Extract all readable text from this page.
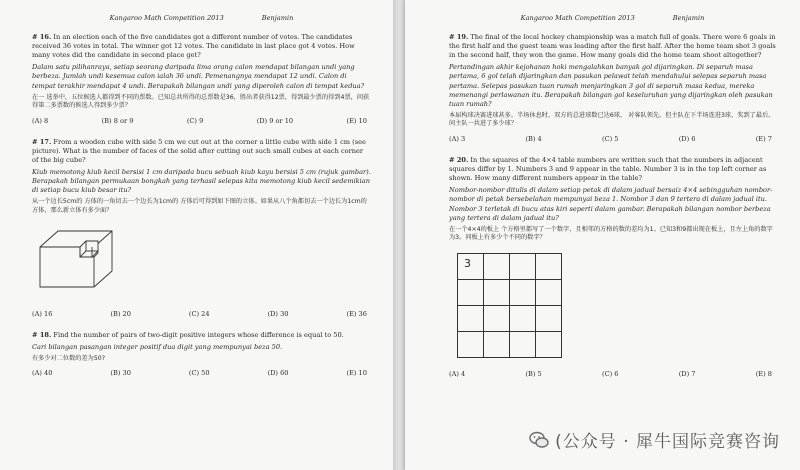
Kangaroo Math Competition 2013	Benjamin

# 16. In an election each of the five candidates got a different number of votes. The candidates received 36 votes in total. The winner got 12 votes. The candidate in last place got 4 votes. How many votes did the candidate in second place get?

Dalam satu pilihanraya, setiap seorang daripada lima orang calon mendapat bilangan undi yang berbeza. Jumlah undi kesemua calon ialah 36 undi. Pemenangnya mendapat 12 undi. Calon di tempat terakhir mendapat 4 undi. Berapakah bilangan undi yang diperoleh calon di tempat kedua?

在一 选举中，五位候选人都得到不同的票数。已知总共所得的总票数是36，胜出者获得12票，得到最少票的得到4票，问获得第二多票数的候选人得到多少票？

(A) 8	(B) 8 or 9	(C) 9	(D) 9 or 10	(E) 10

# 17. From a wooden cube with side 5 cm we cut out at the corner a little cube with side 1 cm (see picture). What is the number of faces of the solid after cutting out such small cubes at each corner of the big cube?

Kiub memotong kiub kecil bersisi 1 cm daripada bucu sebuah kiub kayu bersisi 5 cm (rujuk gambar). Berapakah bilangan permukaan bongkah yang terhasil selepas kita memotong kiub kecil sedemikian di setiap bucu kiub besar itu?

从一个边长5cm的 方体的一角切去一个边长为1cm的 方体后可得到如下图的立体。如果从八个角都切去一个边长为1cm的 方体，那么新立体有多少面？

(A) 16	(B) 20	(C) 24	(D) 30	(E) 36

# 18. Find the number of pairs of two-digit positive integers whose difference is equal to 50.

Cari bilangan pasangan integer positif dua digit yang mempunyai beza 50.

有多少对二位数的差为50?

(A) 40	(B) 30	(C) 50	(D) 60	(E) 10
Kangaroo Math Competition 2013	Benjamin

# 19. The final of the local hockey championship was a match full of goals. There were 6 goals in the first half and the guest team was leading after the first half. After the home team shot 3 goals in the second half, they won the game. How many goals did the home team shoot altogether?

Pertandingan akhir kejohanan hoki mengalahkan banyak gol dijaringkan. Di separuh masa pertama, 6 gol telah dijaringkan dan pasukan pelawat telah mendahului selepas separuh masa pertama. Selepas pasukan tuan rumah menjaringkan 3 gol di separuh masa kedua, mereka memenangi perlawanan itu. Berapakah bilangan gol keseluruhan yang dijaringkan oleh pasukan tuan rumah?

本届构球决赛进球甚多。半场休息时，双方的总进球数已达6球， 对客队领先。但主队在下半场连进3球，奖到了最后。问主队一共进了多少球？

(A) 3	(B) 4	(C) 5	(D) 6	(E) 7

# 20. In the squares of the 4×4 table numbers are written such that the numbers in adjacent squares differ by 1. Numbers 3 and 9 appear in the table. Number 3 is in the top left corner as shown. How many different numbers appear in the table?

Nombor-nombor ditulis di dalam setiap petak di dalam jadual bersaiz 4×4 sebingguhan nombor-nombor di petak bersebelahan mempunyai beza 1. Nombor 3 dan 9 tertera di dalam jadual itu. Nombor 3 terletak di bucu atas kiri seperti dalam gambar. Berapakah bilangan nombor berbeza yang tertera di dalam jadual itu?

在一个4×4的板上 个方格里都写了一个数字，且相邻的方格的数的差均为1。已知3和9都出现在板上，且左上角的数字为3。问板上有多少个不同的数字？

3			

(A) 4	(B) 5	(C) 6	(D) 7	(E) 8
(公众号 · 犀牛国际竞赛咨询
